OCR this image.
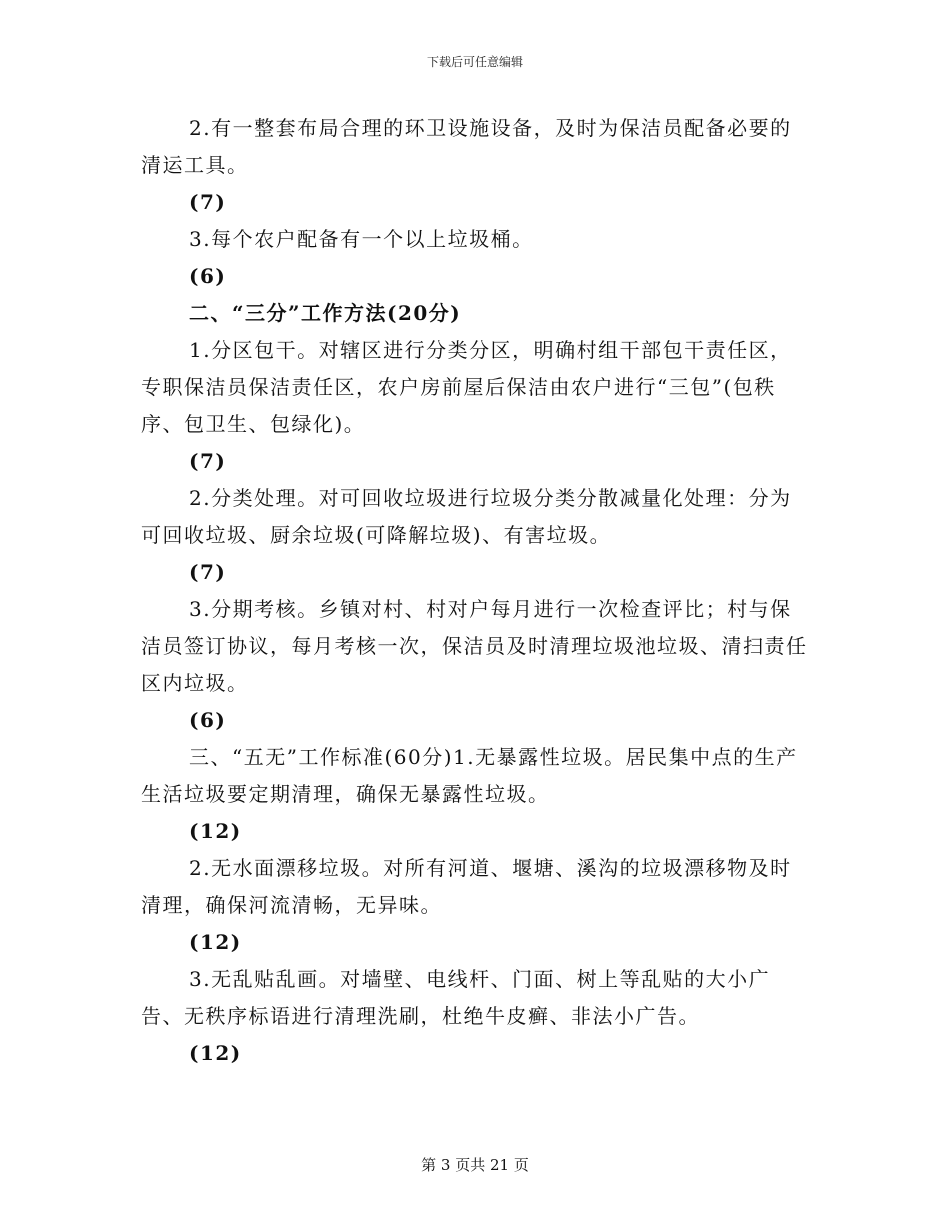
下载后可任意编辑

2.有一整套布局合理的环卫设施设备，及时为保洁员配备必要的清运工具。

(7)

3.每个农户配备有一个以上垃圾桶。

(6)

二、“三分”工作方法(20分)

1.分区包干。对辖区进行分类分区，明确村组干部包干责任区，专职保洁员保洁责任区，农户房前屋后保洁由农户进行“三包”(包秩序、包卫生、包绿化)。

(7)

2.分类处理。对可回收垃圾进行垃圾分类分散减量化处理：分为可回收垃圾、厨余垃圾(可降解垃圾)、有害垃圾。

(7)

3.分期考核。乡镇对村、村对户每月进行一次检查评比；村与保洁员签订协议，每月考核一次，保洁员及时清理垃圾池垃圾、清扫责任区内垃圾。

(6)

三、“五无”工作标准(60分)1.无暴露性垃圾。居民集中点的生产生活垃圾要定期清理，确保无暴露性垃圾。

(12)

2.无水面漂移垃圾。对所有河道、堰塘、溪沟的垃圾漂移物及时清理，确保河流清畅，无异味。

(12)

3.无乱贴乱画。对墙壁、电线杆、门面、树上等乱贴的大小广告、无秩序标语进行清理洗刷，杜绝牛皮癣、非法小广告。

(12)

第 3 页共 21 页
